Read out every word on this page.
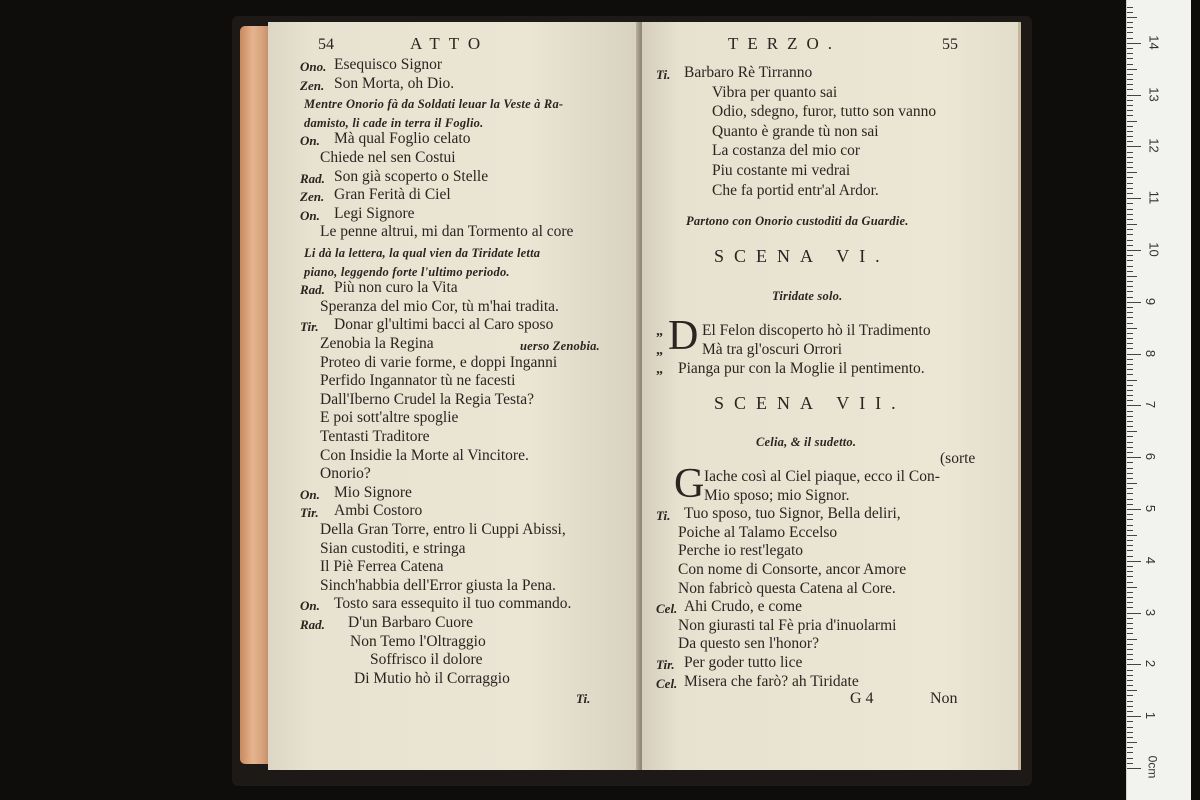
54	ATTO
Ono. Esequisco Signor
Zen. Son Morta, oh Dio.
Mentre Onorio fà da Soldati leuar la Veste à Ra-
damisto, li cade in terra il Foglio.
On. Mà qual Foglio celato
Chiede nel sen Costui
Rad. Son già scoperto o Stelle
Zen. Gran Ferità di Ciel
On. Legi Signore
Le penne altrui, mi dan Tormento al core
Li dà la lettera, la qual vien da Tiridate letta
piano, leggendo forte l'ultimo periodo.
Rad. Più non curo la Vita
Speranza del mio Cor, tù m'hai tradita.
Tir. Donar gl'ultimi bacci al Caro sposo
Zenobia la Regina	uerso Zenobia.
Proteo di varie forme, e doppi Inganni
Perfido Ingannator tù ne facesti
Dall'Iberno Crudel la Regia Testa?
E poi sott'altre spoglie
Tentasti Traditore
Con Insidie la Morte al Vincitore.
Onorio?
On. Mio Signore
Tir. Ambi Costoro
Della Gran Torre, entro li Cuppi Abissi,
Sian custoditi, e stringa
Il Piè Ferrea Catena
Sinch'habbia dell'Error giusta la Pena.
On. Tosto sara essequito il tuo commando.
Rad. D'un Barbaro Cuore
Non Temo l'Oltraggio
Soffrisco il dolore
Di Mutio hò il Corraggio
Ti.
TERZO.	55
Ti. Barbaro Rè Tirranno
Vibra per quanto sai
Odio, sdegno, furor, tutto son vanno
Quanto è grande tù non sai
La costanza del mio cor
Piu costante mi vedrai
Che fa portid entr'al Ardor.
Partono con Onorio custoditi da Guardie.
SCENA VI.
Tiridate solo.
„ D El Felon discoperto hò il Tradimento
„	Mà tra gl'oscuri Orrori
„ Pianga pur con la Moglie il pentimento.
SCENA VII.
Celia, & il sudetto.
(sorte
G Iache così al Ciel piaque, ecco il Con-
Mio sposo; mio Signor.
Ti. Tuo sposo, tuo Signor, Bella deliri,
Poiche al Talamo Eccelso
Perche io rest'legato
Con nome di Consorte, ancor Amore
Non fabricò questa Catena al Core.
Cel. Ahi Crudo, e come
Non giurasti tal Fè pria d'inuolarmi
Da questo sen l'honor?
Tir. Per goder tutto lice
Cel. Misera che farò? ah Tiridate
G 4	Non
1
2
3
4
5
6
7
8
9
10
11
12
13
14
0cm
